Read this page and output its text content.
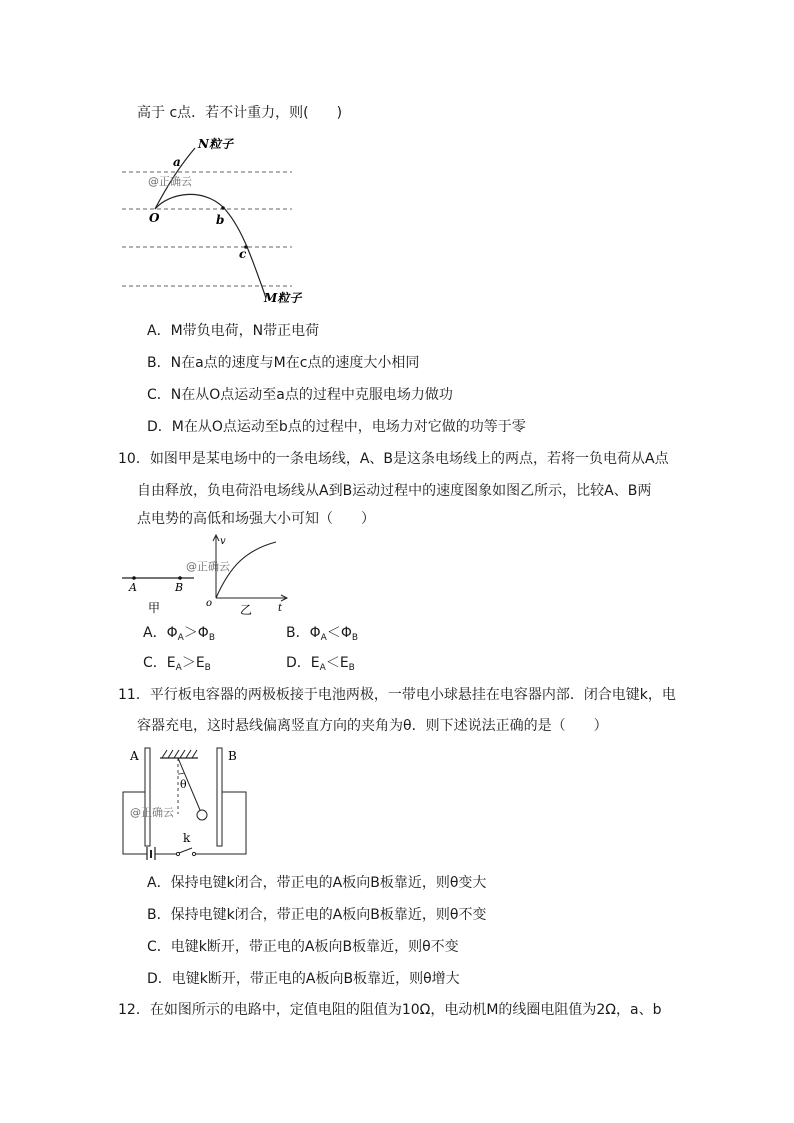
高于 c点．若不计重力，则(　　)
N粒子
a
@正确云
O	b
c
M粒子
A．M带负电荷，N带正电荷
B．N在a点的速度与M在c点的速度大小相同
C．N在从O点运动至a点的过程中克服电场力做功
D．M在从O点运动至b点的过程中，电场力对它做的功等于零
10．如图甲是某电场中的一条电场线，A、B是这条电场线上的两点，若将一负电荷从A点
自由释放，负电荷沿电场线从A到B运动过程中的速度图象如图乙所示，比较A、B两
点电势的高低和场强大小可知（　　）
A	B
甲
@正确云
v
o	t
乙
A．$\Phi_A>\Phi_B$	B．$\Phi_A<\Phi_B$
C．$E_A>E_B$	D．$E_A<E_B$
11．平行板电容器的两极板接于电池两极，一带电小球悬挂在电容器内部．闭合电键k，电
容器充电，这时悬线偏离竖直方向的夹角为θ．则下述说法正确的是（　　）
A	B
θ
k
@正确云
A．保持电键k闭合，带正电的A板向B板靠近，则θ变大
B．保持电键k闭合，带正电的A板向B板靠近，则θ不变
C．电键k断开，带正电的A板向B板靠近，则θ不变
D．电键k断开，带正电的A板向B板靠近，则θ增大
12．在如图所示的电路中，定值电阻的阻值为10Ω，电动机M的线圈电阻值为2Ω，a、b
